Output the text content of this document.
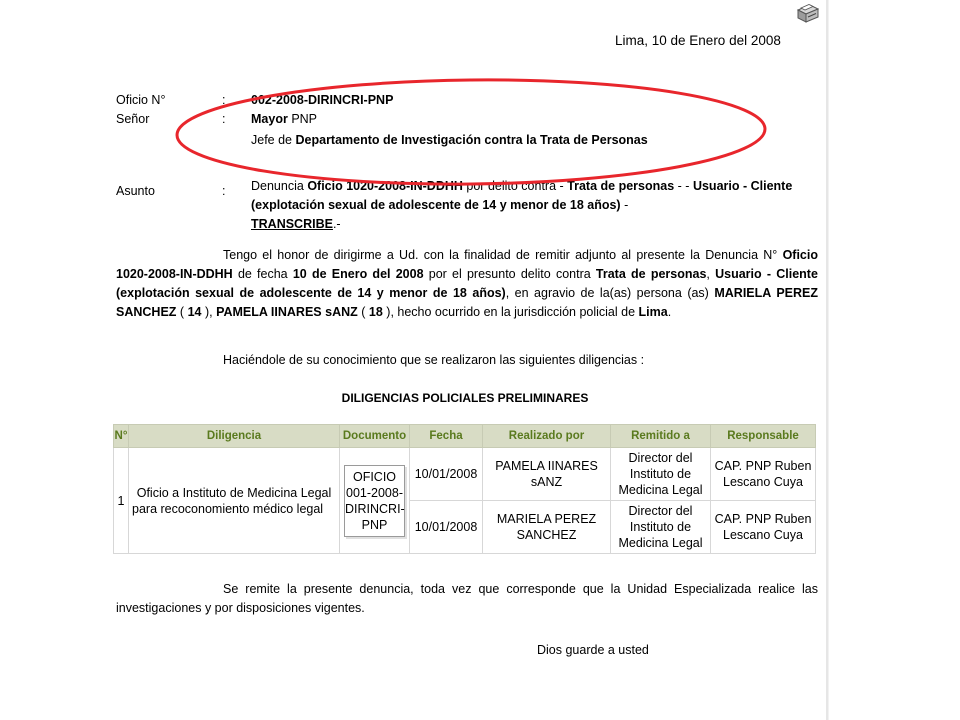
Lima, 10 de Enero del 2008
Oficio N°	: 002-2008-DIRINCRI-PNP
Señor	: Mayor PNP
Jefe de Departamento de Investigación contra la Trata de Personas
Asunto	: Denuncia Oficio 1020-2008-IN-DDHH por delito contra - Trata de personas - - Usuario - Cliente (explotación sexual de adolescente de 14 y menor de 18 años) -
TRANSCRIBE.-
Tengo el honor de dirigirme a Ud. con la finalidad de remitir adjunto al presente la Denuncia N° Oficio 1020-2008-IN-DDHH de fecha 10 de Enero del 2008 por el presunto delito contra Trata de personas, Usuario - Cliente (explotación sexual de adolescente de 14 y menor de 18 años), en agravio de la(as) persona (as) MARIELA PEREZ SANCHEZ ( 14 ), PAMELA IINARES sANZ ( 18 ), hecho ocurrido en la jurisdicción policial de Lima.
Haciéndole de su conocimiento que se realizaron las siguientes diligencias :
DILIGENCIAS POLICIALES PRELIMINARES
N°	Diligencia	Documento	Fecha	Realizado por	Remitido a	Responsable
1	Oficio a Instituto de Medicina Legal para recoconomiento médico legal	OFICIO 001-2008-DIRINCRI-PNP	10/01/2008	PAMELA IINARES sANZ	Director del Instituto de Medicina Legal	CAP. PNP Ruben Lescano Cuya
			10/01/2008	MARIELA PEREZ SANCHEZ	Director del Instituto de Medicina Legal	CAP. PNP Ruben Lescano Cuya
Se remite la presente denuncia, toda vez que corresponde que la Unidad Especializada realice las investigaciones y por disposiciones vigentes.
Dios guarde a usted
